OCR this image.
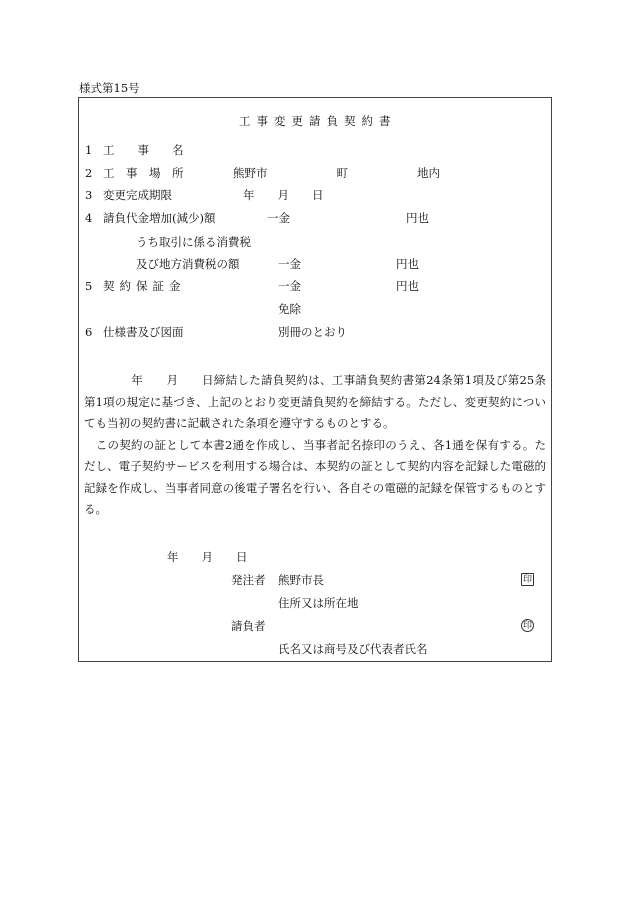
様式第15号
工事変更請負契約書
1 工　　事　　名
2 工　事　場　所	熊野市　　　　　　町　　　　　　地内
3 変更完成期限	年　　月　　日
4 請負代金増加(減少)額	一金	円也
うち取引に係る消費税
及び地方消費税の額	一金	円也
5 契約保証金	一金	円也
免除
6 仕様書及び図面	別冊のとおり

　　　　年　　月　　日締結した請負契約は、工事請負契約書第24条第1項及び第25条第1項の規定に基づき、上記のとおり変更請負契約を締結する。ただし、変更契約についても当初の契約書に記載された条項を遵守するものとする。

　この契約の証として本書2通を作成し、当事者記名捺印のうえ、各1通を保有する。ただし、電子契約サービスを利用する場合は、本契約の証として契約内容を記録した電磁的記録を作成し、当事者同意の後電子署名を行い、各自その電磁的記録を保管するものとする。

年　　月　　日
発注者 熊野市長	印
住所又は所在地
請負者	印
氏名又は商号及び代表者氏名
